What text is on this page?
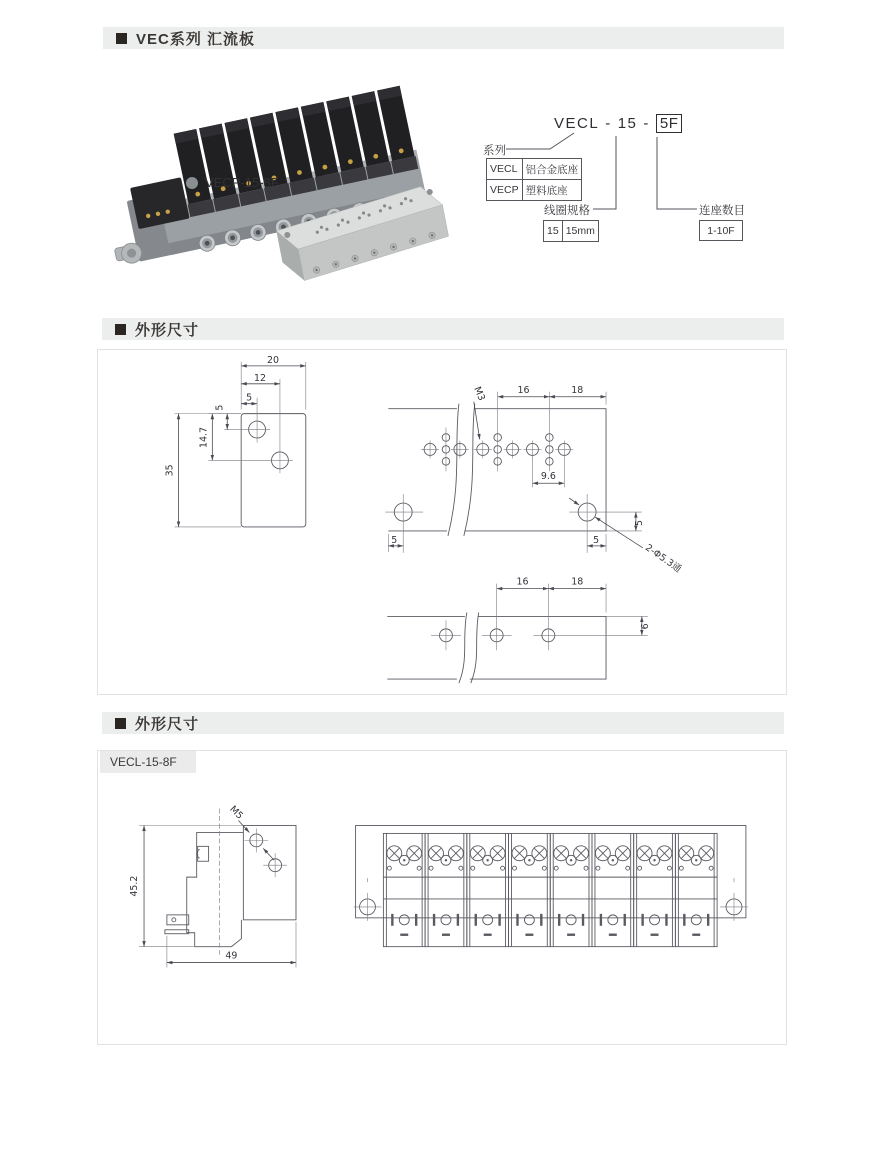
VEC系列 汇流板
VECP-15-8F
VECL - 15 - 5F
系列
VECL	铝合金底座
VECP	塑料底座
线圈规格
15	15mm
连座数目
1-10F
外形尺寸
20
12
5
5
14.7
35
M3	16	18
9.6
5	5
5
2-Φ5.3通
16	18
6
外形尺寸
M5
45.2
49
VECL-15-8F
